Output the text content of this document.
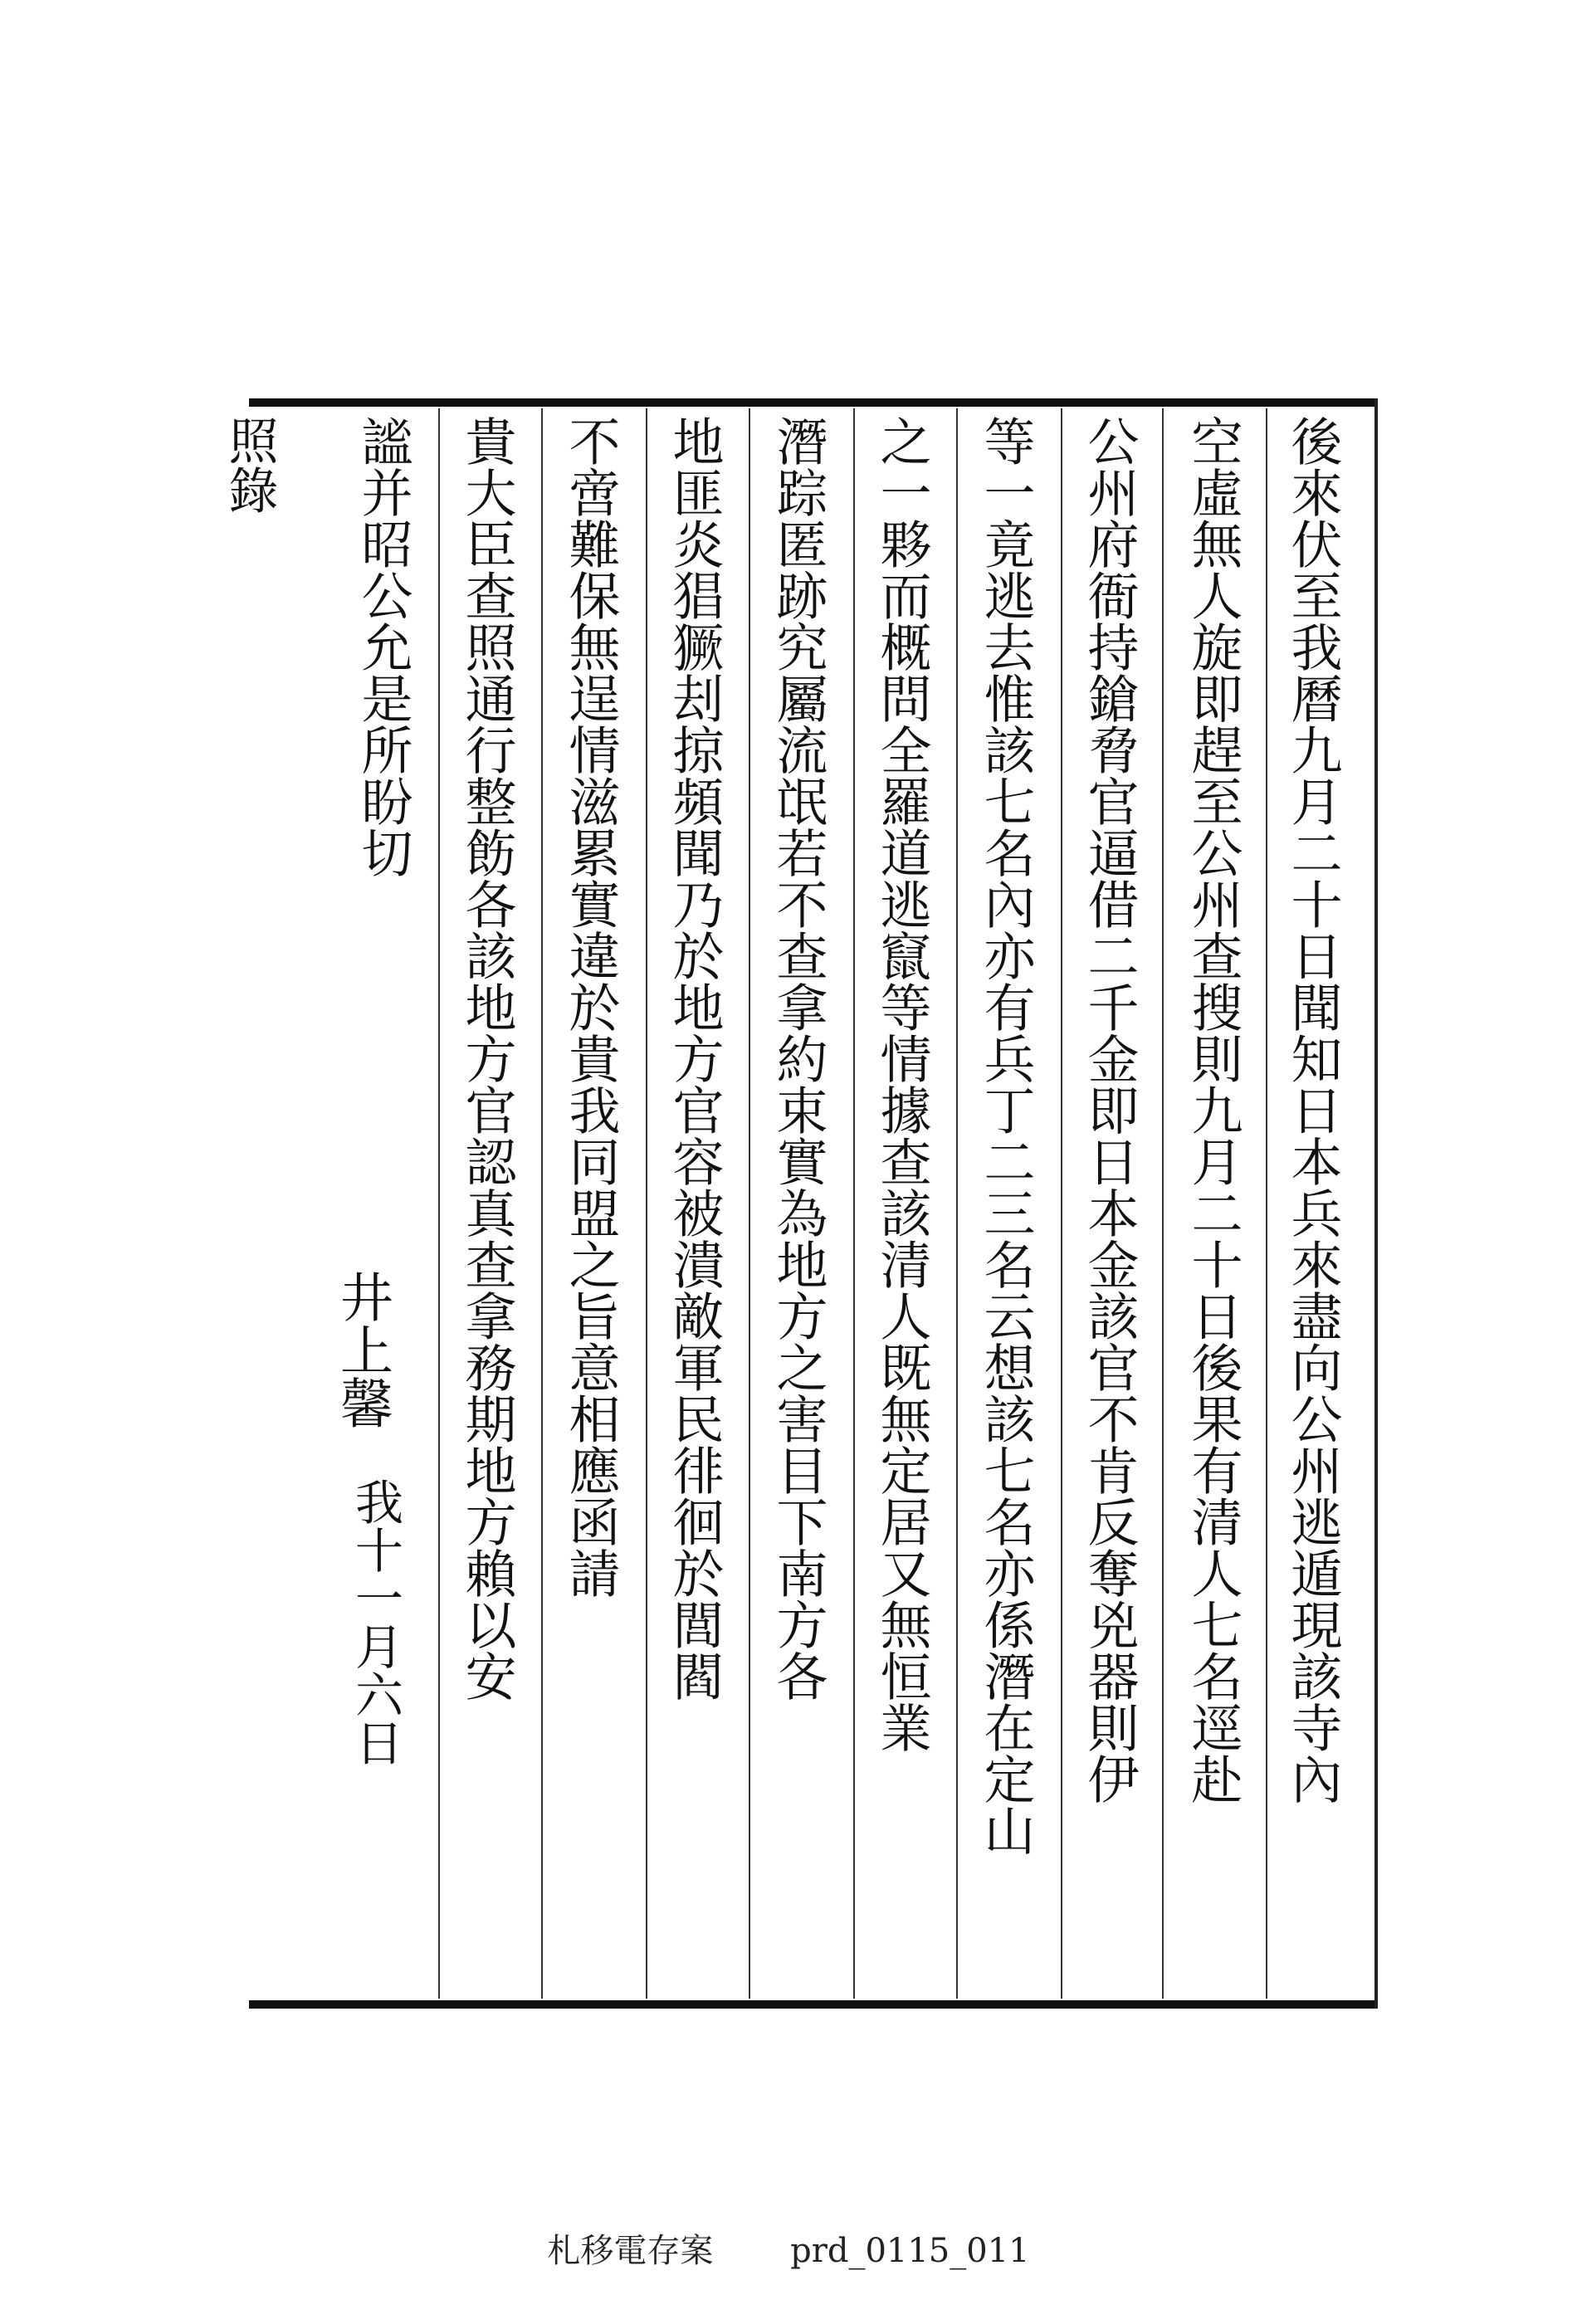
後來伏至我曆九月二十日聞知日本兵來盡向公州逃遁現該寺內
空虛無人旋即趕至公州查搜則九月二十日後果有清人七名逕赴
公州府衙持鎗脅官逼借二千金即日本金該官不肯反奪兇器則伊
等一竟逃去惟該七名內亦有兵丁二三名云想該七名亦係潛在定山
之一夥而概問全羅道逃竄等情據查該清人既無定居又無恒業
潛踪匿跡究屬流氓若不查拿約束實為地方之害目下南方各
地匪炎猖獗刦掠頻聞乃於地方官容被潰敵軍民徘徊於閭閻
不啻難保無逞情滋累實違於貴我同盟之旨意相應函請
貴大臣查照通行整飭各該地方官認真查拿務期地方賴以安
謐并昭公允是所盼切
照錄
井上馨
我十一月六日
札移電存案 prd_0115_011
